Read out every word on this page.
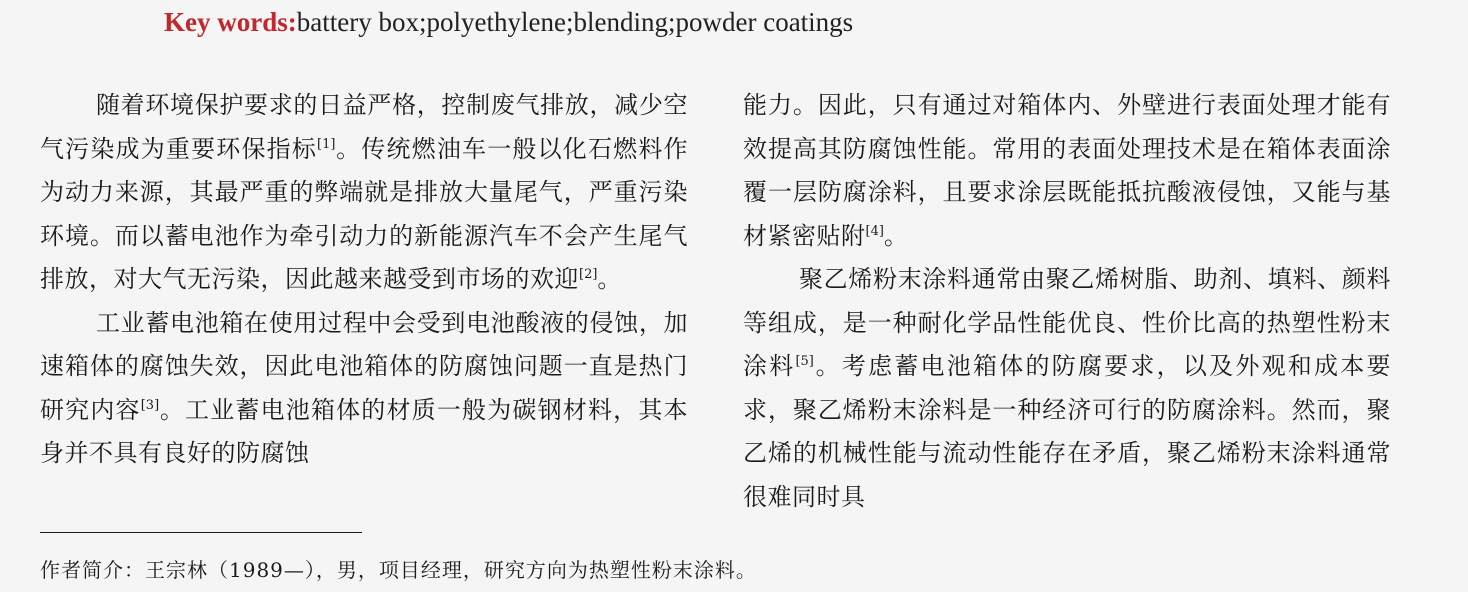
Key words:battery box;polyethylene;blending;powder coatings

随着环境保护要求的日益严格，控制废气排放，减少空气污染成为重要环保指标[1]。传统燃油车一般以化石燃料作为动力来源，其最严重的弊端就是排放大量尾气，严重污染环境。而以蓄电池作为牵引动力的新能源汽车不会产生尾气排放，对大气无污染，因此越来越受到市场的欢迎[2]。

工业蓄电池箱在使用过程中会受到电池酸液的侵蚀，加速箱体的腐蚀失效，因此电池箱体的防腐蚀问题一直是热门研究内容[3]。工业蓄电池箱体的材质一般为碳钢材料，其本身并不具有良好的防腐蚀

能力。因此，只有通过对箱体内、外壁进行表面处理才能有效提高其防腐蚀性能。常用的表面处理技术是在箱体表面涂覆一层防腐涂料，且要求涂层既能抵抗酸液侵蚀，又能与基材紧密贴附[4]。

聚乙烯粉末涂料通常由聚乙烯树脂、助剂、填料、颜料等组成，是一种耐化学品性能优良、性价比高的热塑性粉末涂料[5]。考虑蓄电池箱体的防腐要求，以及外观和成本要求，聚乙烯粉末涂料是一种经济可行的防腐涂料。然而，聚乙烯的机械性能与流动性能存在矛盾，聚乙烯粉末涂料通常很难同时具

作者简介：王宗林（1989—），男，项目经理，研究方向为热塑性粉末涂料。
